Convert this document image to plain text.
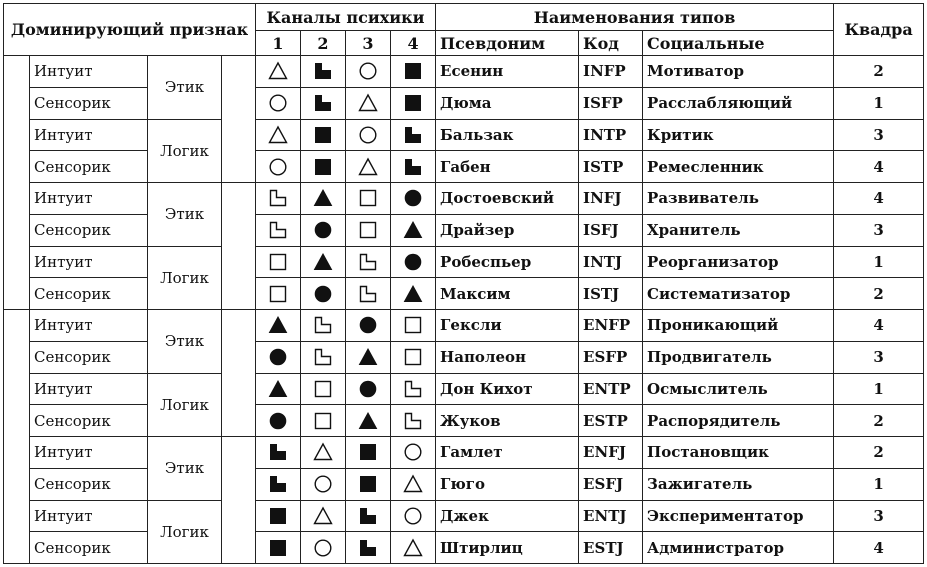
Доминирующий признак				Каналы психики				Наименования типов			Квадра
				1	2	3	4	Псевдоним	Код	Социальные	
	Интуит	Этик						Есенин	INFP	Мотиватор	2
	Сенсорик							Дюма	ISFP	Расслабляющий	1
	Интуит	Логик						Бальзак	INTP	Критик	3
	Сенсорик							Габен	ISTP	Ремесленник	4
	Интуит	Этик	Рационал					Достоевский	INFJ	Развиватель	4
	Сенсорик							Драйзер	ISFJ	Хранитель	3
	Интуит	Логик						Робеспьер	INTJ	Реорганизатор	1
	Сенсорик							Максим	ISTJ	Систематизатор	2
	Интуит	Этик						Гексли	ENFP	Проникающий	4
	Сенсорик							Наполеон	ESFP	Продвигатель	3
	Интуит	Логик						Дон Кихот	ENTP	Осмыслитель	1
	Сенсорик							Жуков	ESTP	Распорядитель	2
	Интуит	Этик	Рационал					Гамлет	ENFJ	Постановщик	2
	Сенсорик							Гюго	ESFJ	Зажигатель	1
	Интуит	Логик						Джек	ENTJ	Экспериментатор	3
	Сенсорик							Штирлиц	ESTJ	Администратор	4
